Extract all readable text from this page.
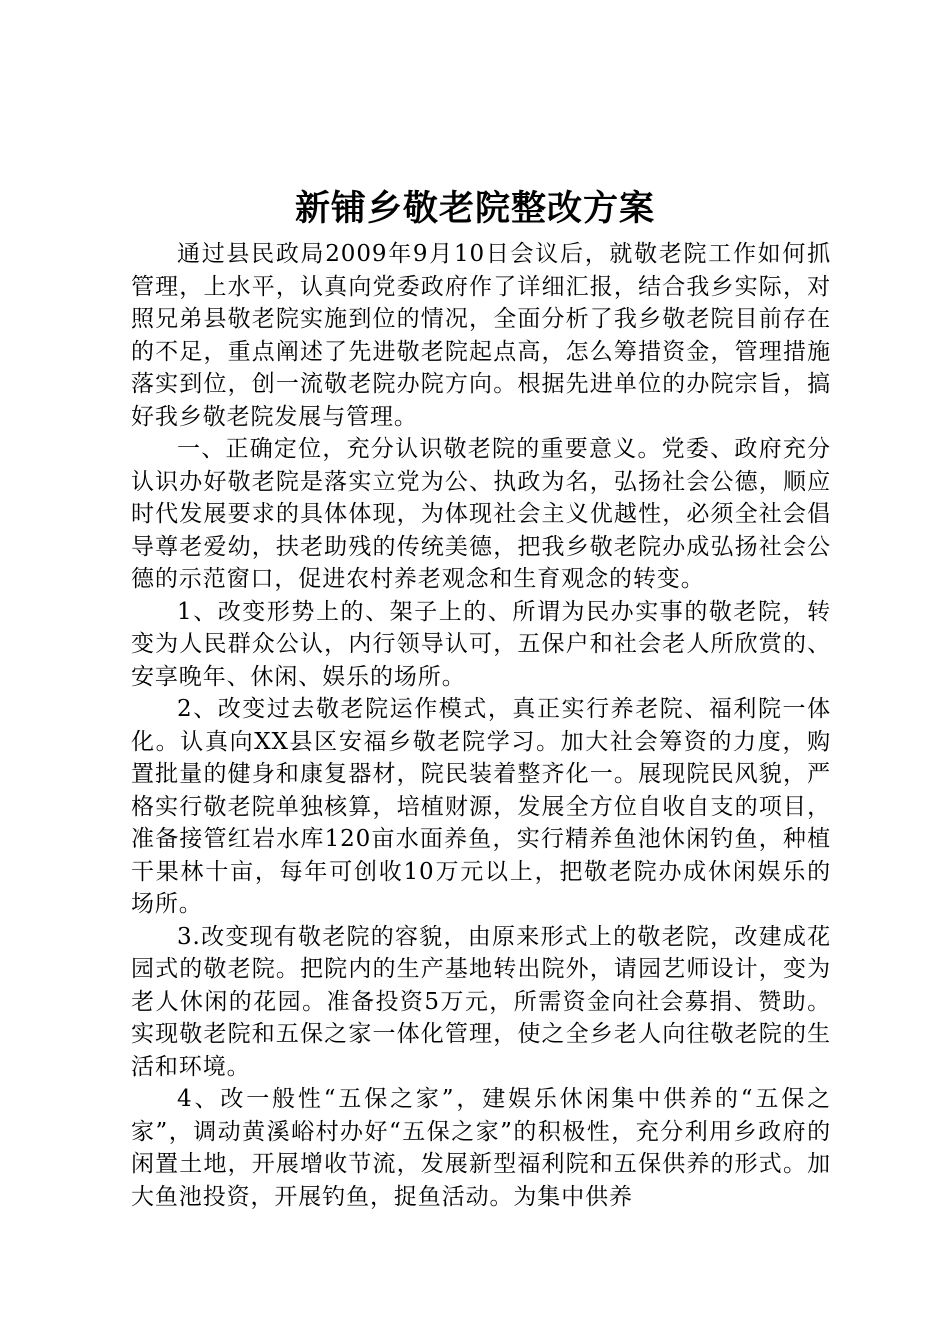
新铺乡敬老院整改方案

通过县民政局2009年9月10日会议后，就敬老院工作如何抓管理，上水平，认真向党委政府作了详细汇报，结合我乡实际，对照兄弟县敬老院实施到位的情况，全面分析了我乡敬老院目前存在的不足，重点阐述了先进敬老院起点高，怎么筹措资金，管理措施落实到位，创一流敬老院办院方向。根据先进单位的办院宗旨，搞好我乡敬老院发展与管理。

一、正确定位，充分认识敬老院的重要意义。党委、政府充分认识办好敬老院是落实立党为公、执政为名，弘扬社会公德，顺应时代发展要求的具体体现，为体现社会主义优越性，必须全社会倡导尊老爱幼，扶老助残的传统美德，把我乡敬老院办成弘扬社会公德的示范窗口，促进农村养老观念和生育观念的转变。

1、改变形势上的、架子上的、所谓为民办实事的敬老院，转变为人民群众公认，内行领导认可，五保户和社会老人所欣赏的、安享晚年、休闲、娱乐的场所。

2、改变过去敬老院运作模式，真正实行养老院、福利院一体化。认真向XX县区安福乡敬老院学习。加大社会筹资的力度，购置批量的健身和康复器材，院民装着整齐化一。展现院民风貌，严格实行敬老院单独核算，培植财源，发展全方位自收自支的项目，准备接管红岩水库120亩水面养鱼，实行精养鱼池休闲钓鱼，种植干果林十亩，每年可创收10万元以上，把敬老院办成休闲娱乐的场所。

3.改变现有敬老院的容貌，由原来形式上的敬老院，改建成花园式的敬老院。把院内的生产基地转出院外，请园艺师设计，变为老人休闲的花园。准备投资5万元，所需资金向社会募捐、赞助。实现敬老院和五保之家一体化管理，使之全乡老人向往敬老院的生活和环境。

4、改一般性“五保之家”，建娱乐休闲集中供养的“五保之家”，调动黄溪峪村办好“五保之家”的积极性，充分利用乡政府的闲置土地，开展增收节流，发展新型福利院和五保供养的形式。加大鱼池投资，开展钓鱼，捉鱼活动。为集中供养
